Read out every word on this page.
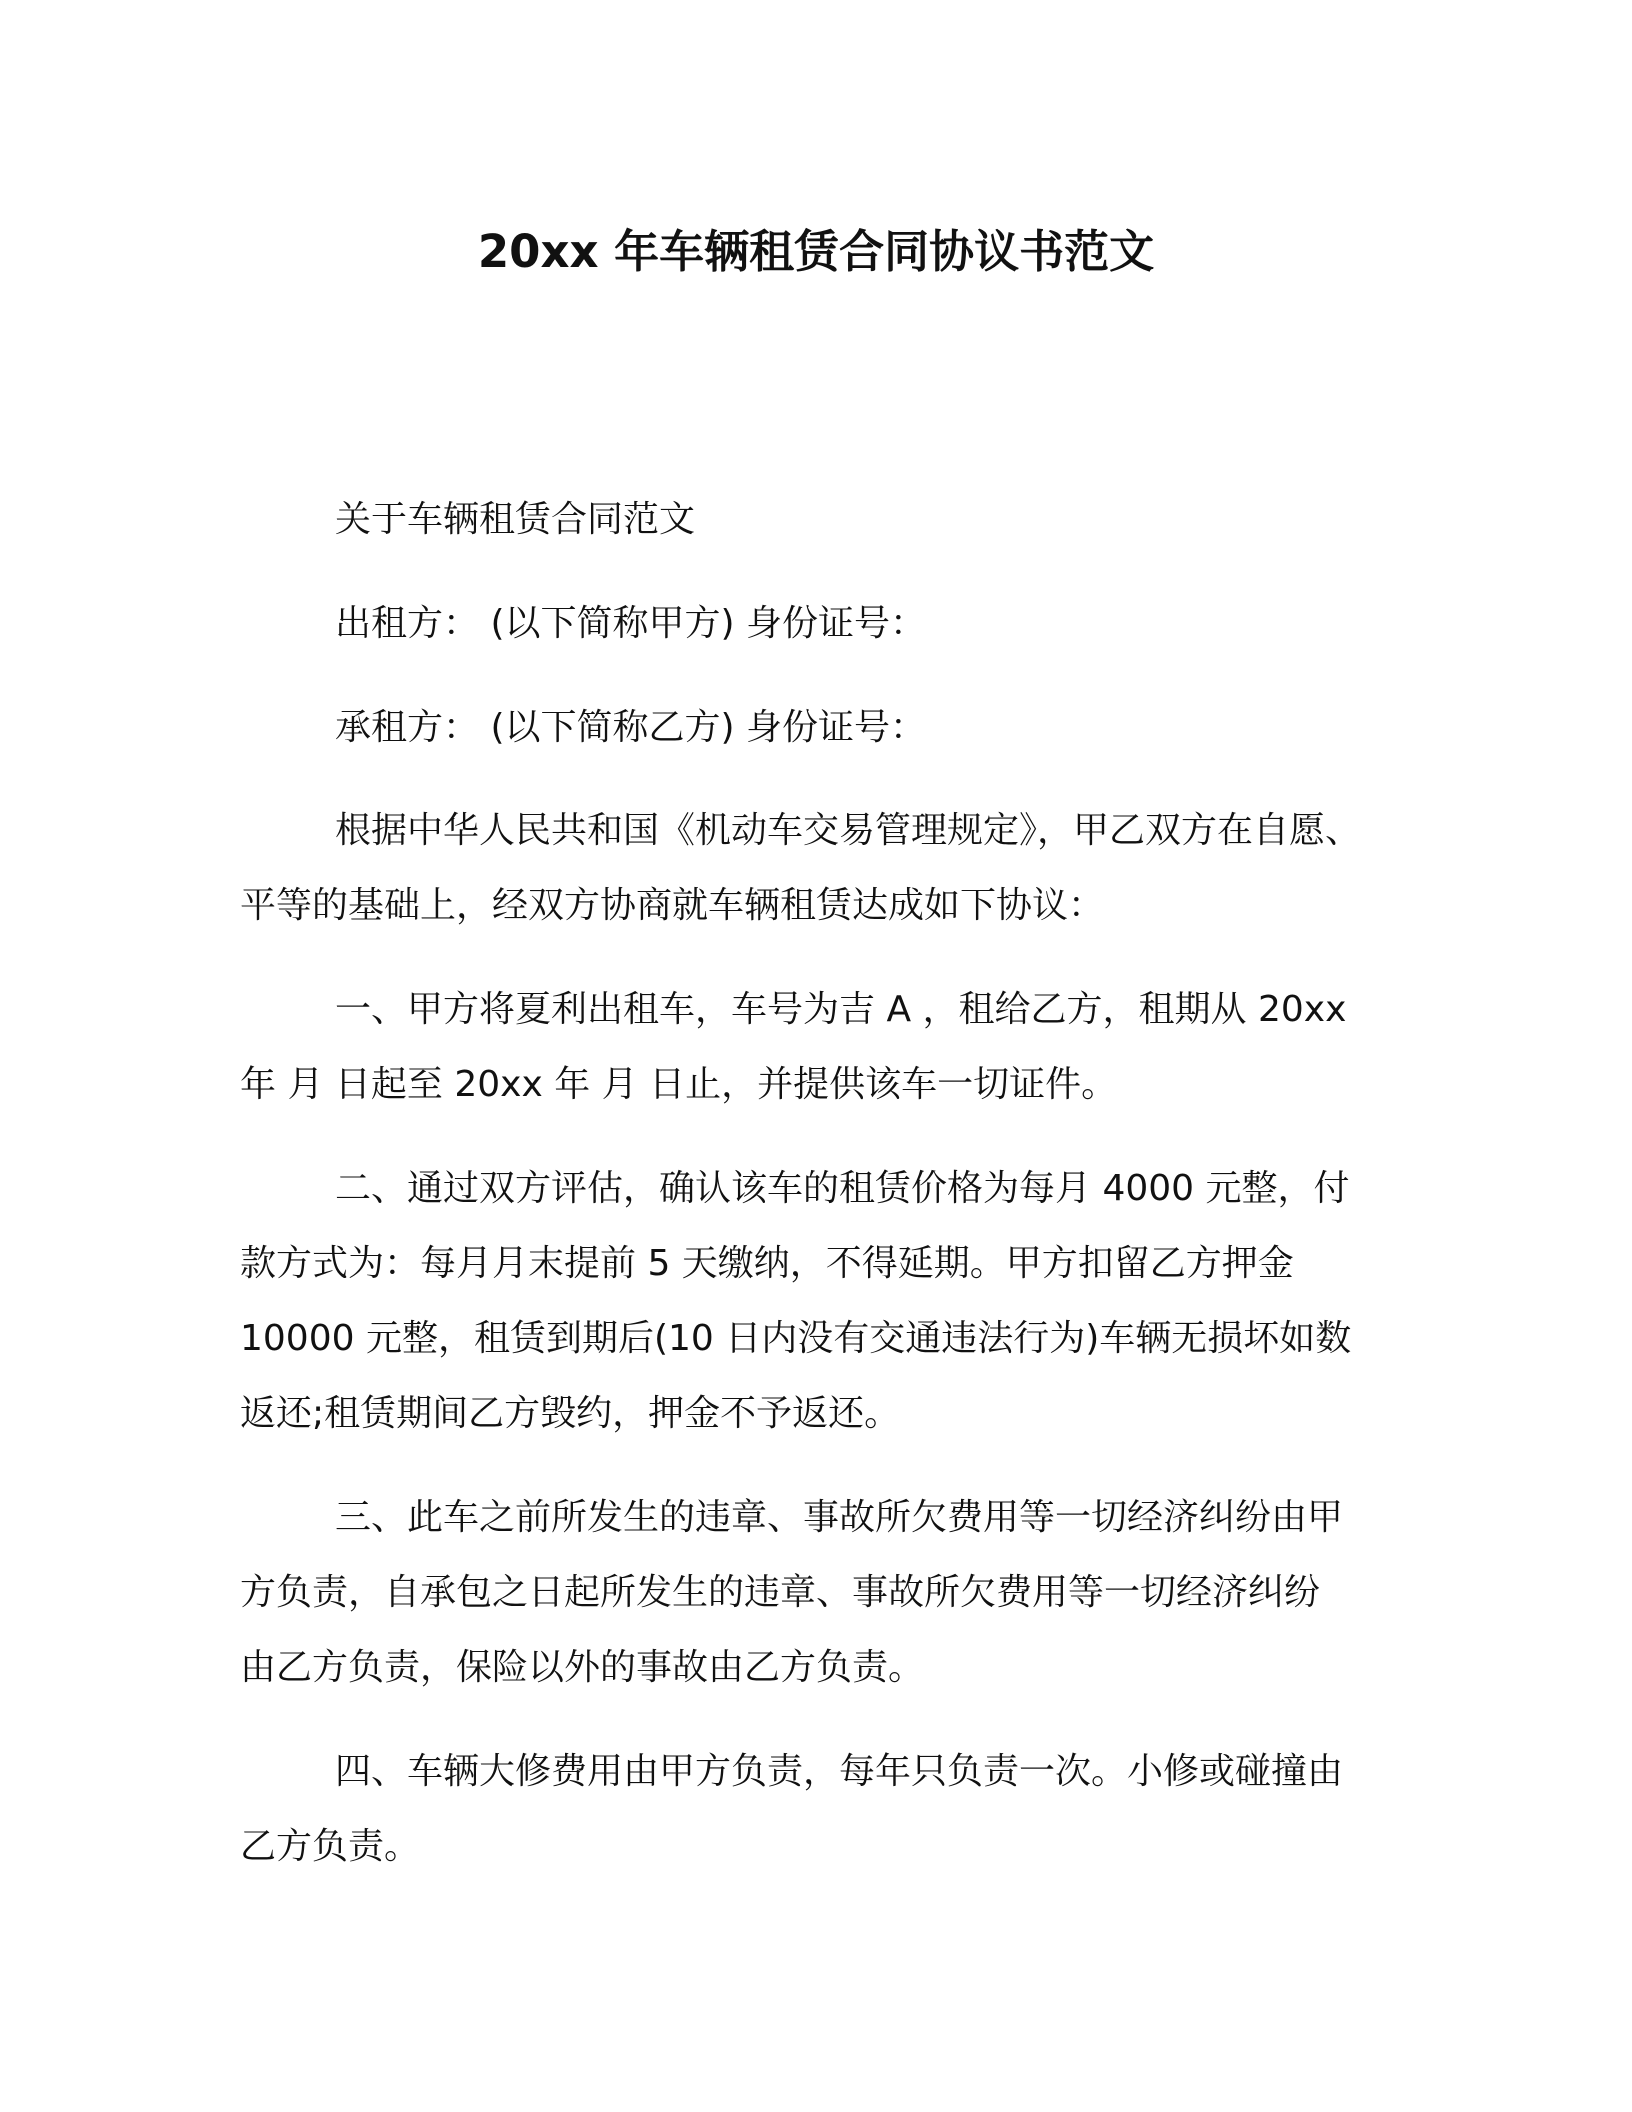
20xx 年车辆租赁合同协议书范文

关于车辆租赁合同范文

出租方： (以下简称甲方) 身份证号：

承租方： (以下简称乙方) 身份证号：

根据中华人民共和国《机动车交易管理规定》，甲乙双方在自愿、

平等的基础上，经双方协商就车辆租赁达成如下协议：

一、甲方将夏利出租车，车号为吉 A ，租给乙方，租期从 20xx

年 月 日起至 20xx 年 月 日止，并提供该车一切证件。

二、通过双方评估，确认该车的租赁价格为每月 4000 元整，付

款方式为：每月月末提前 5 天缴纳，不得延期。甲方扣留乙方押金

10000 元整，租赁到期后(10 日内没有交通违法行为)车辆无损坏如数

返还;租赁期间乙方毁约，押金不予返还。

三、此车之前所发生的违章、事故所欠费用等一切经济纠纷由甲

方负责，自承包之日起所发生的违章、事故所欠费用等一切经济纠纷

由乙方负责，保险以外的事故由乙方负责。

四、车辆大修费用由甲方负责，每年只负责一次。小修或碰撞由

乙方负责。
